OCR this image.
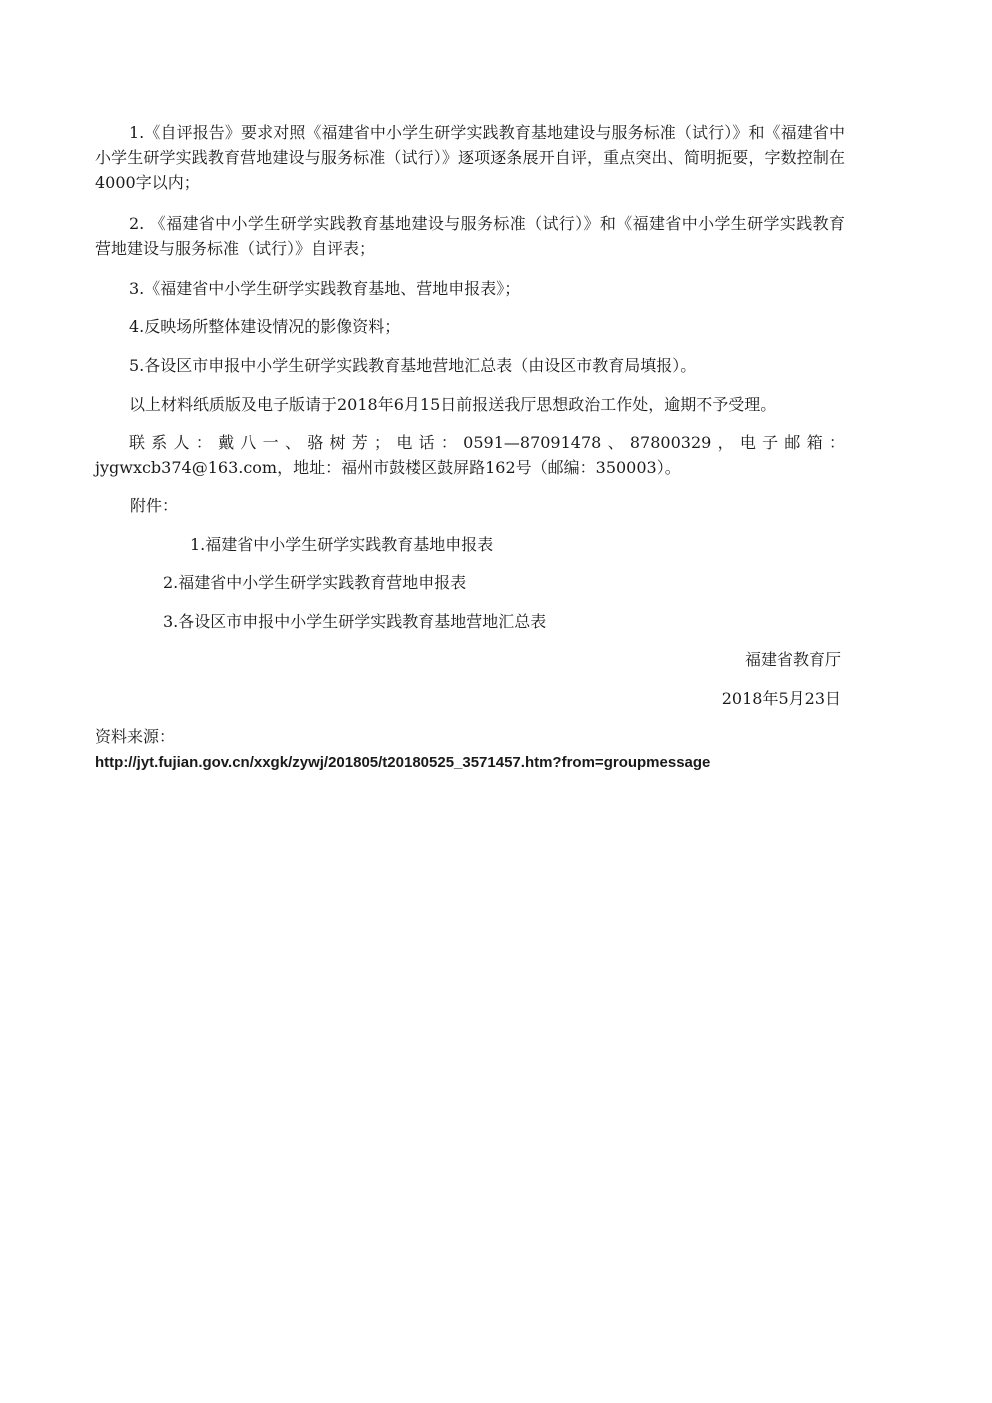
1.《自评报告》要求对照《福建省中小学生研学实践教育基地建设与服务标准（试行）》和《福建省中小学生研学实践教育营地建设与服务标准（试行）》逐项逐条展开自评，重点突出、简明扼要，字数控制在4000字以内；
2. 《福建省中小学生研学实践教育基地建设与服务标准（试行）》和《福建省中小学生研学实践教育营地建设与服务标准（试行）》自评表；
3.《福建省中小学生研学实践教育基地、营地申报表》；
4.反映场所整体建设情况的影像资料；
5.各设区市申报中小学生研学实践教育基地营地汇总表（由设区市教育局填报）。
以上材料纸质版及电子版请于2018年6月15日前报送我厅思想政治工作处，逾期不予受理。
联系人：戴八一、骆树芳；电话：0591—87091478、87800329，电子邮箱：jygwxcb374@163.com，地址：福州市鼓楼区鼓屏路162号（邮编：350003）。
附件：
1.福建省中小学生研学实践教育基地申报表
2.福建省中小学生研学实践教育营地申报表
3.各设区市申报中小学生研学实践教育基地营地汇总表
福建省教育厅
2018年5月23日
资料来源：
http://jyt.fujian.gov.cn/xxgk/zywj/201805/t20180525_3571457.htm?from=groupmessage
